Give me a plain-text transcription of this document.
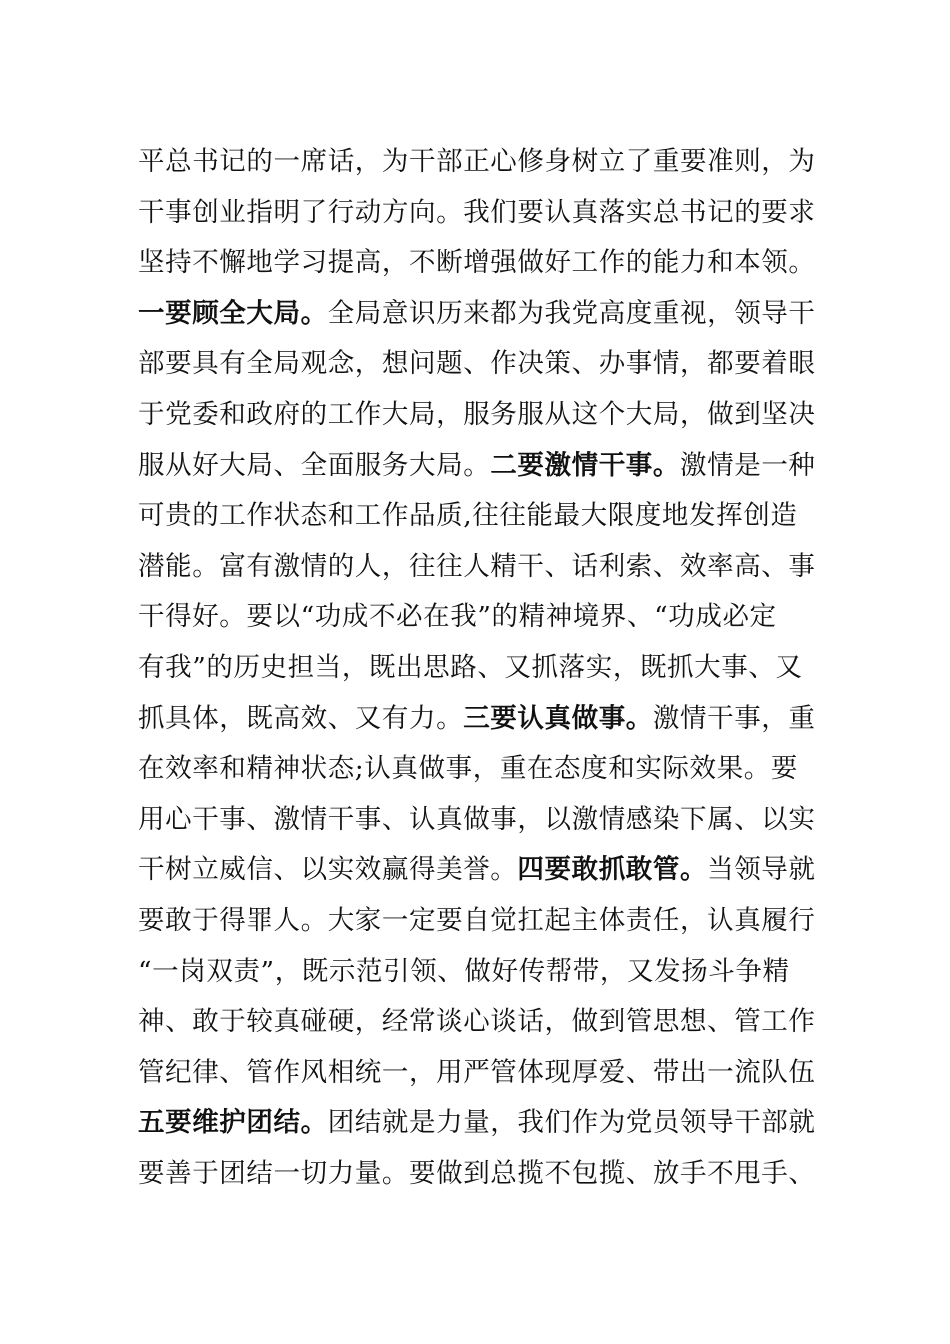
平总书记的一席话，为干部正心修身树立了重要准则，为
干事创业指明了行动方向。我们要认真落实总书记的要求
坚持不懈地学习提高，不断增强做好工作的能力和本领。
一要顾全大局。全局意识历来都为我党高度重视，领导干
部要具有全局观念，想问题、作决策、办事情，都要着眼
于党委和政府的工作大局，服务服从这个大局，做到坚决
服从好大局、全面服务大局。二要激情干事。激情是一种
可贵的工作状态和工作品质,往往能最大限度地发挥创造
潜能。富有激情的人，往往人精干、话利索、效率高、事
干得好。要以“功成不必在我”的精神境界、“功成必定
有我”的历史担当，既出思路、又抓落实，既抓大事、又
抓具体，既高效、又有力。三要认真做事。激情干事，重
在效率和精神状态;认真做事，重在态度和实际效果。要
用心干事、激情干事、认真做事，以激情感染下属、以实
干树立威信、以实效赢得美誉。四要敢抓敢管。当领导就
要敢于得罪人。大家一定要自觉扛起主体责任，认真履行
“一岗双责”，既示范引领、做好传帮带，又发扬斗争精
神、敢于较真碰硬，经常谈心谈话，做到管思想、管工作
管纪律、管作风相统一，用严管体现厚爱、带出一流队伍
五要维护团结。团结就是力量，我们作为党员领导干部就
要善于团结一切力量。要做到总揽不包揽、放手不甩手、
